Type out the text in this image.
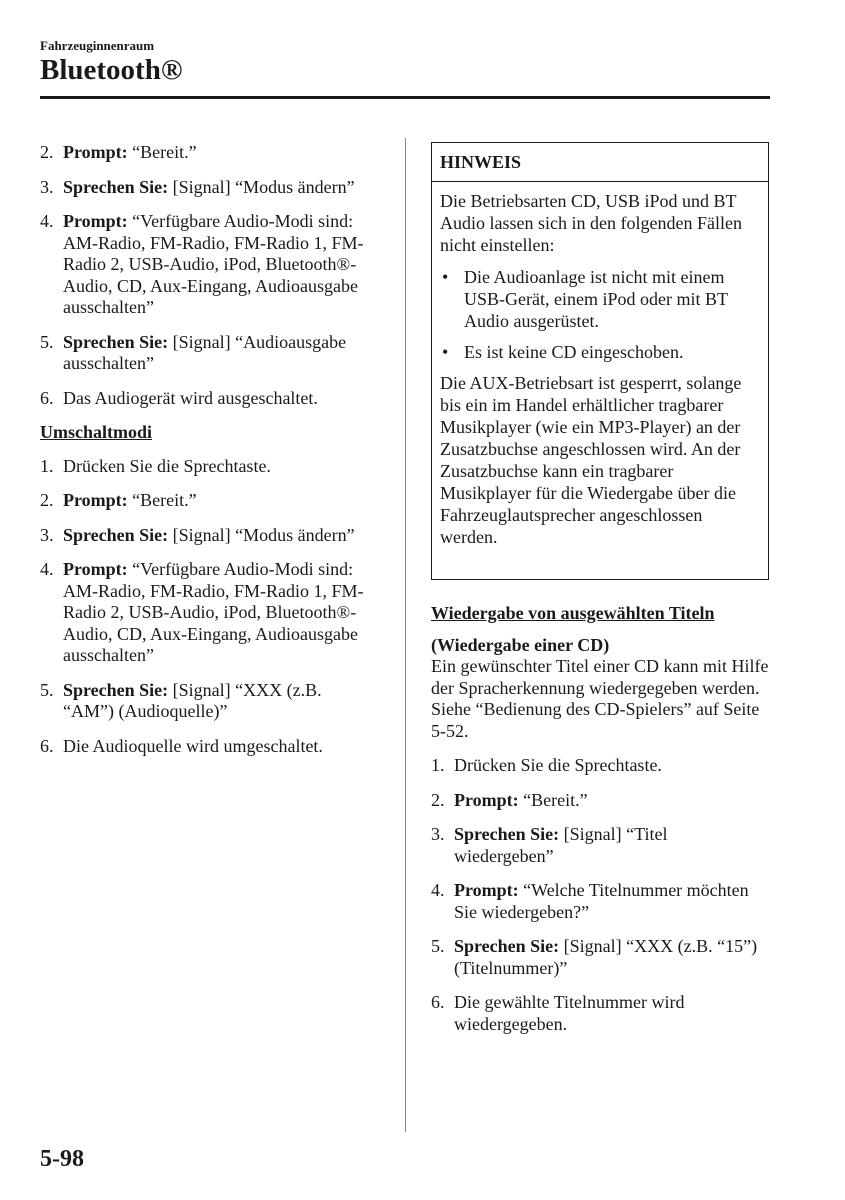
Fahrzeuginnenraum
Bluetooth®
2. Prompt: “Bereit.”
3. Sprechen Sie: [Signal] “Modus ändern”
4. Prompt: “Verfügbare Audio-Modi sind: AM-Radio, FM-Radio, FM-Radio 1, FM-Radio 2, USB-Audio, iPod, Bluetooth®-Audio, CD, Aux-Eingang, Audioausgabe ausschalten”
5. Sprechen Sie: [Signal] “Audioausgabe ausschalten”
6. Das Audiogerät wird ausgeschaltet.
Umschaltmodi
1. Drücken Sie die Sprechtaste.
2. Prompt: “Bereit.”
3. Sprechen Sie: [Signal] “Modus ändern”
4. Prompt: “Verfügbare Audio-Modi sind: AM-Radio, FM-Radio, FM-Radio 1, FM-Radio 2, USB-Audio, iPod, Bluetooth®-Audio, CD, Aux-Eingang, Audioausgabe ausschalten”
5. Sprechen Sie: [Signal] “XXX (z.B. “AM”) (Audioquelle)”
6. Die Audioquelle wird umgeschaltet.
HINWEIS

Die Betriebsarten CD, USB iPod und BT Audio lassen sich in den folgenden Fällen nicht einstellen:

• Die Audioanlage ist nicht mit einem USB-Gerät, einem iPod oder mit BT Audio ausgerüstet.
• Es ist keine CD eingeschoben.

Die AUX-Betriebsart ist gesperrt, solange bis ein im Handel erhältlicher tragbarer Musikplayer (wie ein MP3-Player) an der Zusatzbuchse angeschlossen wird. An der Zusatzbuchse kann ein tragbarer Musikplayer für die Wiedergabe über die Fahrzeuglautsprecher angeschlossen werden.

Wiedergabe von ausgewählten Titeln
(Wiedergabe einer CD)
Ein gewünschter Titel einer CD kann mit Hilfe der Spracherkennung wiedergegeben werden.
Siehe “Bedienung des CD-Spielers” auf Seite 5-52.
1. Drücken Sie die Sprechtaste.
2. Prompt: “Bereit.”
3. Sprechen Sie: [Signal] “Titel wiedergeben”
4. Prompt: “Welche Titelnummer möchten Sie wiedergeben?”
5. Sprechen Sie: [Signal] “XXX (z.B. “15”) (Titelnummer)”
6. Die gewählte Titelnummer wird wiedergegeben.
5-98
